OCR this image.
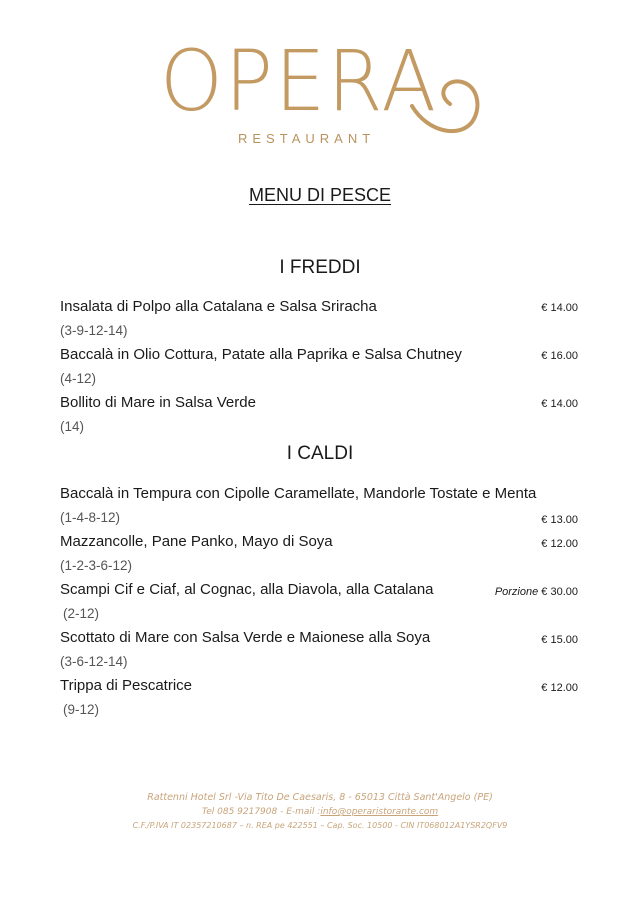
OPERA
RESTAURANT
MENU DI PESCE
I FREDDI
Insalata di Polpo alla Catalana e Salsa Sriracha	€ 14.00
(3-9-12-14)
Baccalà in Olio Cottura, Patate alla Paprika e Salsa Chutney	€ 16.00
(4-12)
Bollito di Mare in Salsa Verde	€ 14.00
(14)
I CALDI
Baccalà in Tempura con Cipolle Caramellate, Mandorle Tostate e Menta
(1-4-8-12)	€ 13.00
Mazzancolle, Pane Panko, Mayo di Soya	€ 12.00
(1-2-3-6-12)
Scampi Cif e Ciaf, al Cognac, alla Diavola, alla Catalana	Porzione € 30.00
(2-12)
Scottato di Mare con Salsa Verde e Maionese alla Soya	€ 15.00
(3-6-12-14)
Trippa di Pescatrice	€ 12.00
(9-12)
Rattenni Hotel Srl -Via Tito De Caesaris, 8 - 65013 Città Sant'Angelo (PE)
Tel 085 9217908 - E-mail :info@operaristorante.com
C.F./P.IVA IT 02357210687 – n. REA pe 422551 – Cap. Soc. 10500 - CIN IT068012A1YSR2QFV9
